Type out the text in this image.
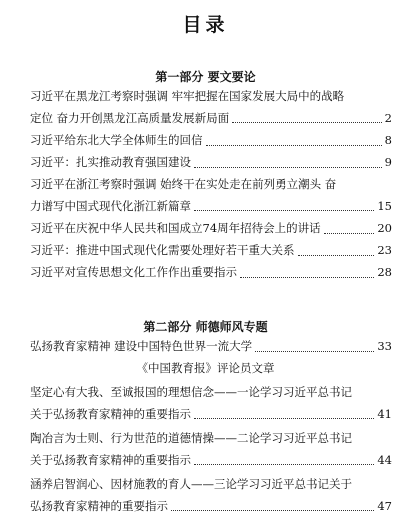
目录
第一部分 要文要论
习近平在黑龙江考察时强调 牢牢把握在国家发展大局中的战略
定位 奋力开创黑龙江高质量发展新局面	2
习近平给东北大学全体师生的回信	8
习近平：扎实推动教育强国建设	9
习近平在浙江考察时强调 始终干在实处走在前列勇立潮头 奋
力谱写中国式现代化浙江新篇章	15
习近平在庆祝中华人民共和国成立74周年招待会上的讲话	20
习近平：推进中国式现代化需要处理好若干重大关系	23
习近平对宣传思想文化工作作出重要指示	28
第二部分 师德师风专题
弘扬教育家精神 建设中国特色世界一流大学	33
《中国教育报》评论员文章
坚定心有大我、至诚报国的理想信念——一论学习习近平总书记
关于弘扬教育家精神的重要指示	41
陶冶言为士则、行为世范的道德情操——二论学习习近平总书记
关于弘扬教育家精神的重要指示	44
涵养启智润心、因材施教的育人——三论学习习近平总书记关于
弘扬教育家精神的重要指示	47
